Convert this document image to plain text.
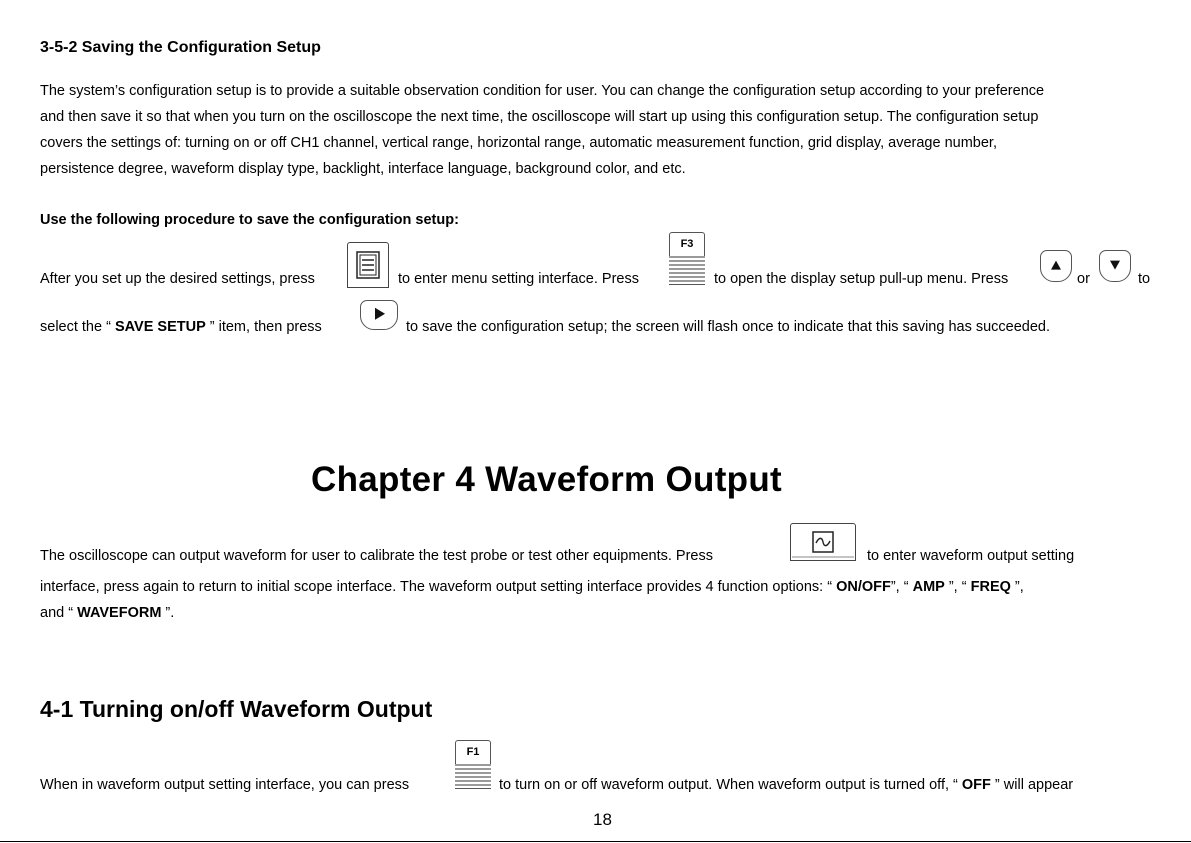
3-5-2 Saving the Configuration Setup
The system’s configuration setup is to provide a suitable observation condition for user. You can change the configuration setup according to your preference
and then save it so that when you turn on the oscilloscope the next time, the oscilloscope will start up using this configuration setup. The configuration setup
covers the settings of: turning on or off CH1 channel, vertical range, horizontal range, automatic measurement function, grid display, average number,
persistence degree, waveform display type, backlight, interface language, background color, and etc.
Use the following procedure to save the configuration setup:
After you set up the desired settings, press	to enter menu setting interface. Press
F3
to open the display setup pull-up menu. Press	or	to
select the “ SAVE SETUP ” item, then press	to save the configuration setup; the screen will flash once to indicate that this saving has succeeded.
Chapter 4 Waveform Output
The oscilloscope can output waveform for user to calibrate the test probe or test other equipments. Press	to enter waveform output setting
interface, press again to return to initial scope interface. The waveform output setting interface provides 4 function options: “ ON/OFF”, “ AMP ”, “ FREQ ”,
and “ WAVEFORM ”.
4-1 Turning on/off Waveform Output
When in waveform output setting interface, you can press
F1
to turn on or off waveform output. When waveform output is turned off, “ OFF ” will appear
18
